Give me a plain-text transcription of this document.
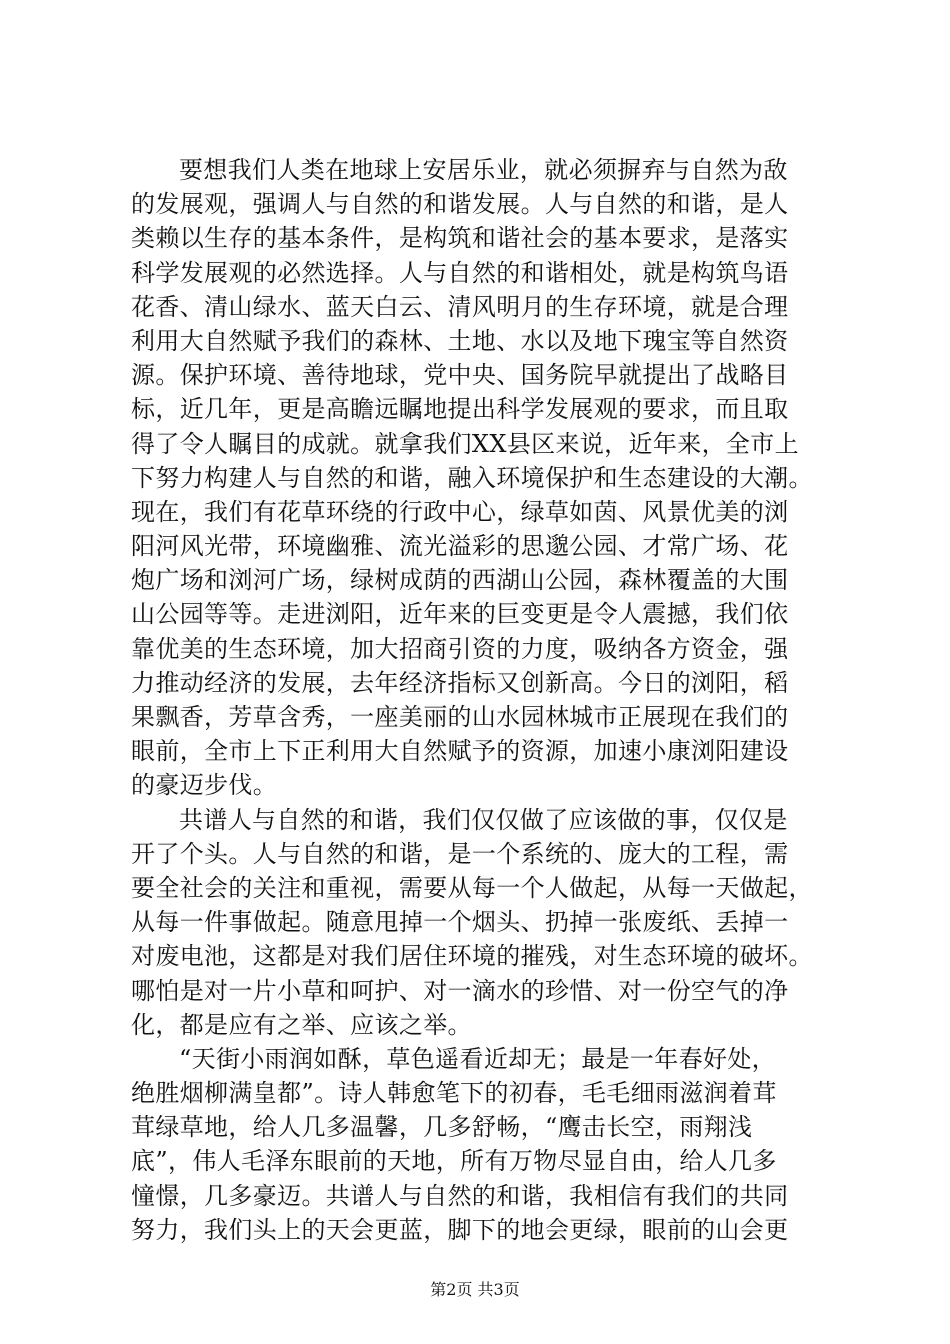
要想我们人类在地球上安居乐业，就必须摒弃与自然为敌
的发展观，强调人与自然的和谐发展。人与自然的和谐，是人
类赖以生存的基本条件，是构筑和谐社会的基本要求，是落实
科学发展观的必然选择。人与自然的和谐相处，就是构筑鸟语
花香、清山绿水、蓝天白云、清风明月的生存环境，就是合理
利用大自然赋予我们的森林、土地、水以及地下瑰宝等自然资
源。保护环境、善待地球，党中央、国务院早就提出了战略目
标，近几年，更是高瞻远瞩地提出科学发展观的要求，而且取
得了令人瞩目的成就。就拿我们XX县区来说，近年来，全市上
下努力构建人与自然的和谐，融入环境保护和生态建设的大潮。
现在，我们有花草环绕的行政中心，绿草如茵、风景优美的浏
阳河风光带，环境幽雅、流光溢彩的思邈公园、才常广场、花
炮广场和浏河广场，绿树成荫的西湖山公园，森林覆盖的大围
山公园等等。走进浏阳，近年来的巨变更是令人震撼，我们依
靠优美的生态环境，加大招商引资的力度，吸纳各方资金，强
力推动经济的发展，去年经济指标又创新高。今日的浏阳，稻
果飘香，芳草含秀，一座美丽的山水园林城市正展现在我们的
眼前，全市上下正利用大自然赋予的资源，加速小康浏阳建设
的豪迈步伐。
共谱人与自然的和谐，我们仅仅做了应该做的事，仅仅是
开了个头。人与自然的和谐，是一个系统的、庞大的工程，需
要全社会的关注和重视，需要从每一个人做起，从每一天做起，
从每一件事做起。随意甩掉一个烟头、扔掉一张废纸、丢掉一
对废电池，这都是对我们居住环境的摧残，对生态环境的破坏。
哪怕是对一片小草和呵护、对一滴水的珍惜、对一份空气的净
化，都是应有之举、应该之举。
“天街小雨润如酥，草色遥看近却无；最是一年春好处，
绝胜烟柳满皇都”。诗人韩愈笔下的初春，毛毛细雨滋润着茸
茸绿草地，给人几多温馨，几多舒畅，“鹰击长空，雨翔浅
底”，伟人毛泽东眼前的天地，所有万物尽显自由，给人几多
憧憬，几多豪迈。共谱人与自然的和谐，我相信有我们的共同
努力，我们头上的天会更蓝，脚下的地会更绿，眼前的山会更
第2页 共3页
